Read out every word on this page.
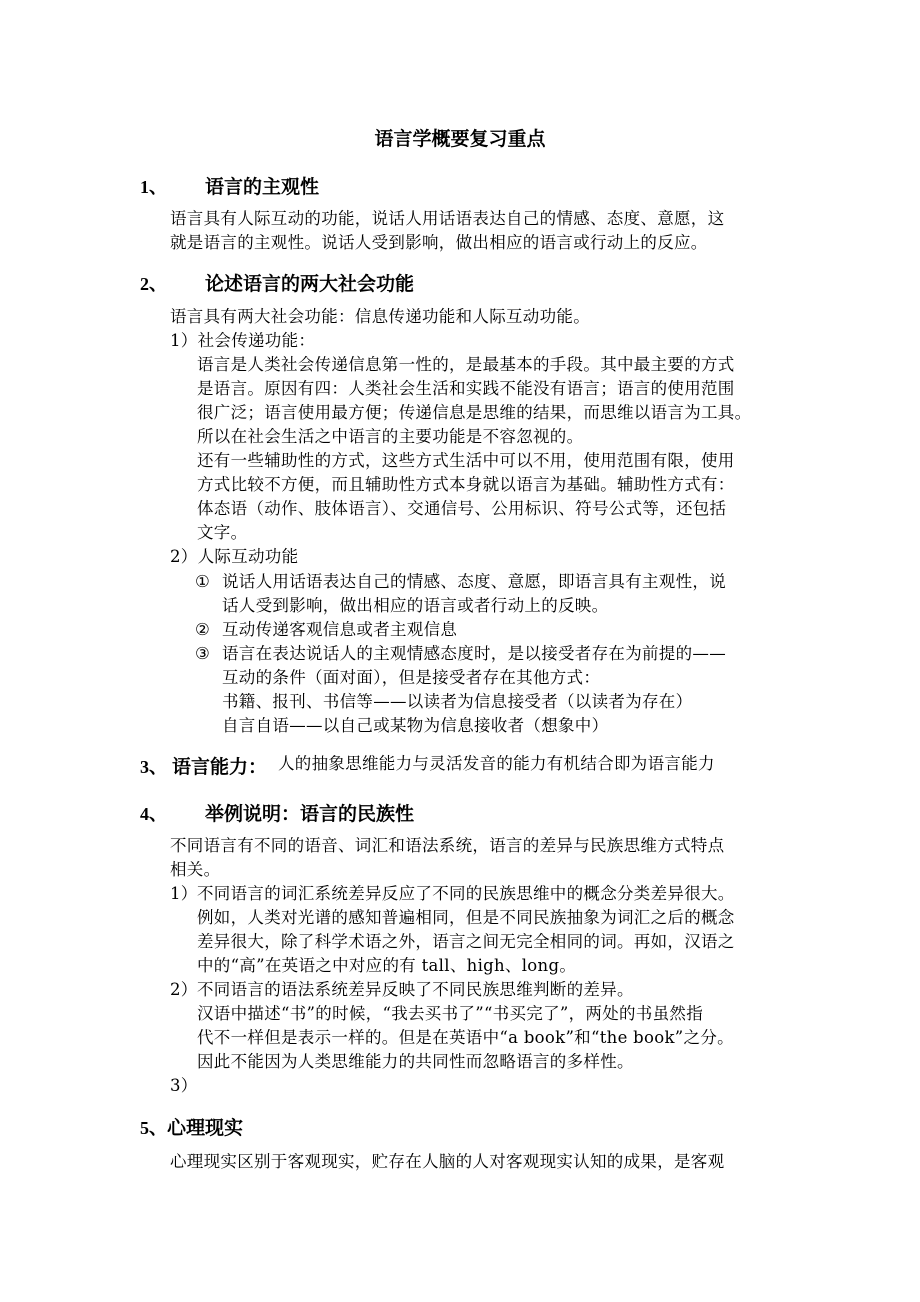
语言学概要复习重点
1、 语言的主观性
语言具有人际互动的功能，说话人用话语表达自己的情感、态度、意愿，这
就是语言的主观性。说话人受到影响，做出相应的语言或行动上的反应。
2、 论述语言的两大社会功能
语言具有两大社会功能：信息传递功能和人际互动功能。
1）社会传递功能：
语言是人类社会传递信息第一性的，是最基本的手段。其中最主要的方式
是语言。原因有四：人类社会生活和实践不能没有语言；语言的使用范围
很广泛；语言使用最方便；传递信息是思维的结果，而思维以语言为工具。
所以在社会生活之中语言的主要功能是不容忽视的。
还有一些辅助性的方式，这些方式生活中可以不用，使用范围有限，使用
方式比较不方便，而且辅助性方式本身就以语言为基础。辅助性方式有：
体态语（动作、肢体语言）、交通信号、公用标识、符号公式等，还包括
文字。
2）人际互动功能
① 说话人用话语表达自己的情感、态度、意愿，即语言具有主观性，说
话人受到影响，做出相应的语言或者行动上的反映。
② 互动传递客观信息或者主观信息
③ 语言在表达说话人的主观情感态度时，是以接受者存在为前提的——
互动的条件（面对面），但是接受者存在其他方式：
书籍、报刊、书信等——以读者为信息接受者（以读者为存在）
自言自语——以自己或某物为信息接收者（想象中）
3、 语言能力： 人的抽象思维能力与灵活发音的能力有机结合即为语言能力
4、 举例说明：语言的民族性
不同语言有不同的语音、词汇和语法系统，语言的差异与民族思维方式特点
相关。
1） 不同语言的词汇系统差异反应了不同的民族思维中的概念分类差异很大。
例如，人类对光谱的感知普遍相同，但是不同民族抽象为词汇之后的概念
差异很大，除了科学术语之外，语言之间无完全相同的词。再如，汉语之
中的“高”在英语之中对应的有 tall、high、long。
2） 不同语言的语法系统差异反映了不同民族思维判断的差异。
汉语中描述“书”的时候，“我去买书了”“书买完了”，两处的书虽然指
代不一样但是表示一样的。但是在英语中“a book”和“the book”之分。
因此不能因为人类思维能力的共同性而忽略语言的多样性。
3）
5、 心理现实
心理现实区别于客观现实，贮存在人脑的人对客观现实认知的成果，是客观
